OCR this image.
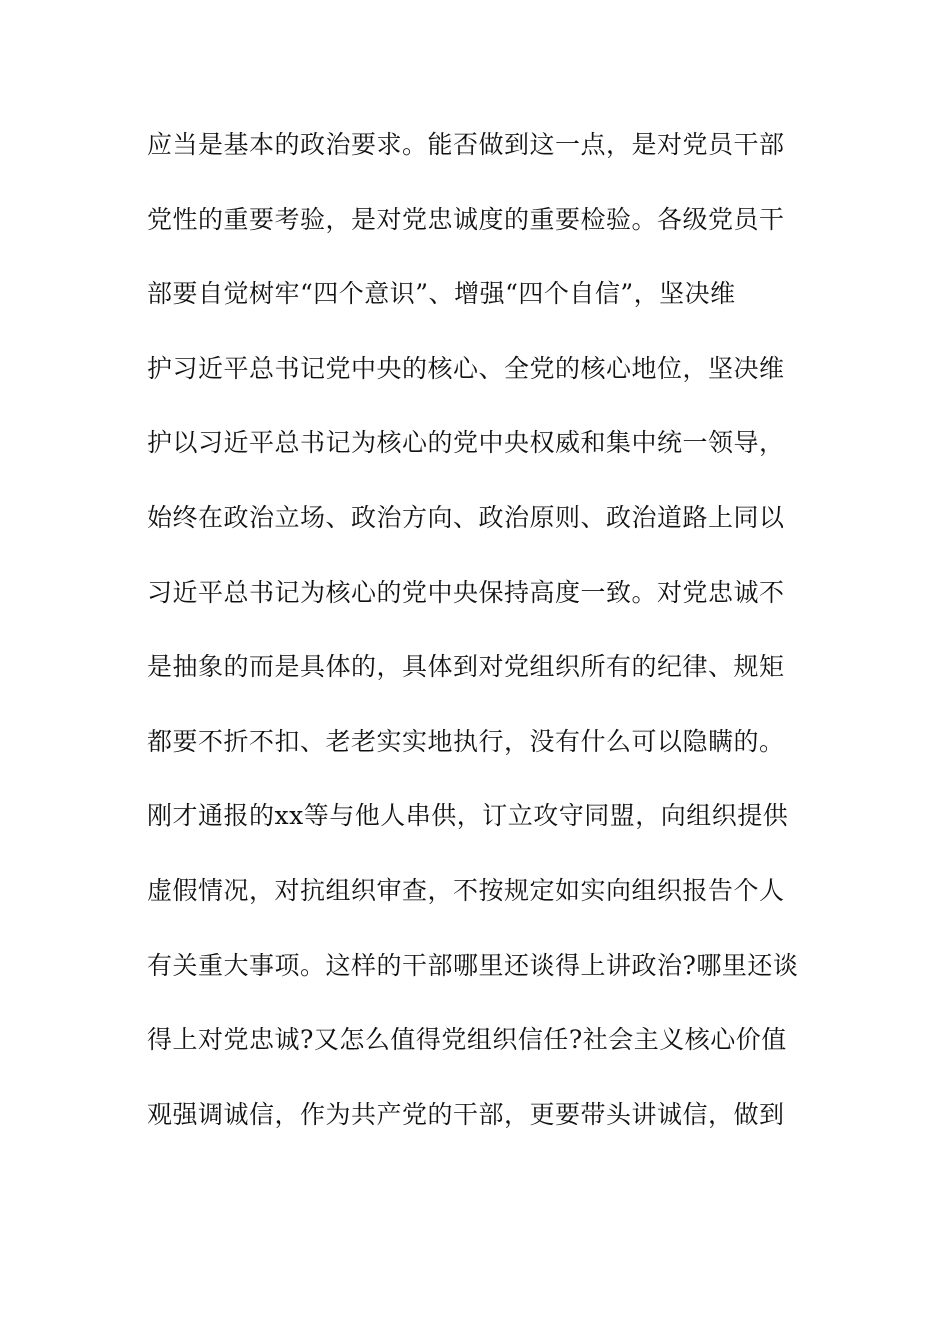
应当是基本的政治要求。能否做到这一点，是对党员干部
党性的重要考验，是对党忠诚度的重要检验。各级党员干
部要自觉树牢“四个意识”、增强“四个自信”，坚决维
护习近平总书记党中央的核心、全党的核心地位，坚决维
护以习近平总书记为核心的党中央权威和集中统一领导，
始终在政治立场、政治方向、政治原则、政治道路上同以
习近平总书记为核心的党中央保持高度一致。对党忠诚不
是抽象的而是具体的，具体到对党组织所有的纪律、规矩
都要不折不扣、老老实实地执行，没有什么可以隐瞒的。
刚才通报的xx等与他人串供，订立攻守同盟，向组织提供
虚假情况，对抗组织审查，不按规定如实向组织报告个人
有关重大事项。这样的干部哪里还谈得上讲政治?哪里还谈
得上对党忠诚?又怎么值得党组织信任?社会主义核心价值
观强调诚信，作为共产党的干部，更要带头讲诚信，做到
